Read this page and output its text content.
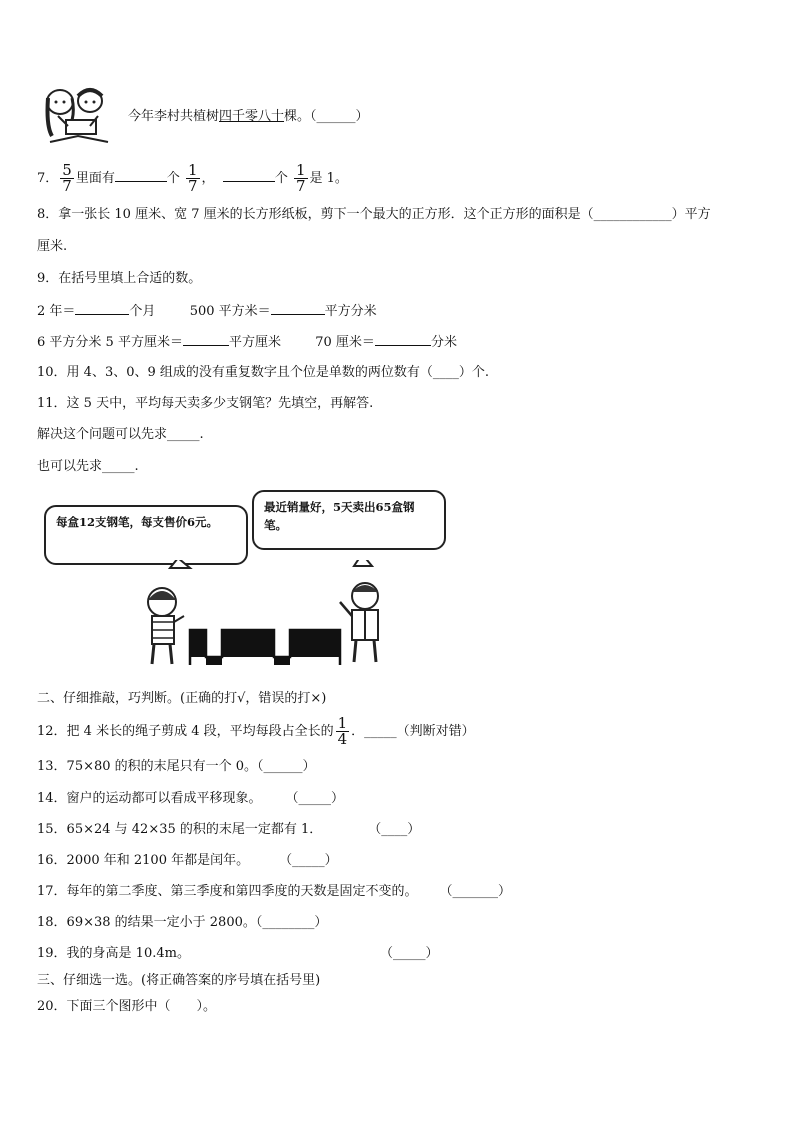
今年李村共植树四千零八十棵。（______）
7． $\frac{5}{7}$ 里面有	个 $\frac{1}{7}$ ，	个 $\frac{1}{7}$ 是 1。
8．拿一张长 10 厘米、宽 7 厘米的长方形纸板，剪下一个最大的正方形．这个正方形的面积是（____________）平方
厘米.
9．在括号里填上合适的数。
2 年＝	个月	500 平方米＝	平方分米
6 平方分米 5 平方厘米＝	平方厘米	70 厘米＝	分米
10．用 4、3、0、9 组成的没有重复数字且个位是单数的两位数有（____）个.
11．这 5 天中，平均每天卖多少支钢笔？先填空，再解答.
解决这个问题可以先求_____.
也可以先求_____.
每盒12支钢笔，每支售价6元。
最近销量好，5天卖出65盒钢笔。
二、仔细推敲，巧判断。(正确的打√，错误的打×)
12．把 4 米长的绳子剪成 4 段，平均每段占全长的 $\frac{1}{4}$ ．_____（判断对错）
13．75×80 的积的末尾只有一个 0。（______）
14．窗户的运动都可以看成平移现象。 （_____）
15．65×24 与 42×35 的积的末尾一定都有 1．	（____）
16．2000 年和 2100 年都是闰年。 （_____）
17．每年的第二季度、第三季度和第四季度的天数是固定不变的。 （_______）
18．69×38 的结果一定小于 2800。（________）
19．我的身高是 10.4m。	（_____）
三、仔细选一选。(将正确答案的序号填在括号里)
20．下面三个图形中（　　）。
